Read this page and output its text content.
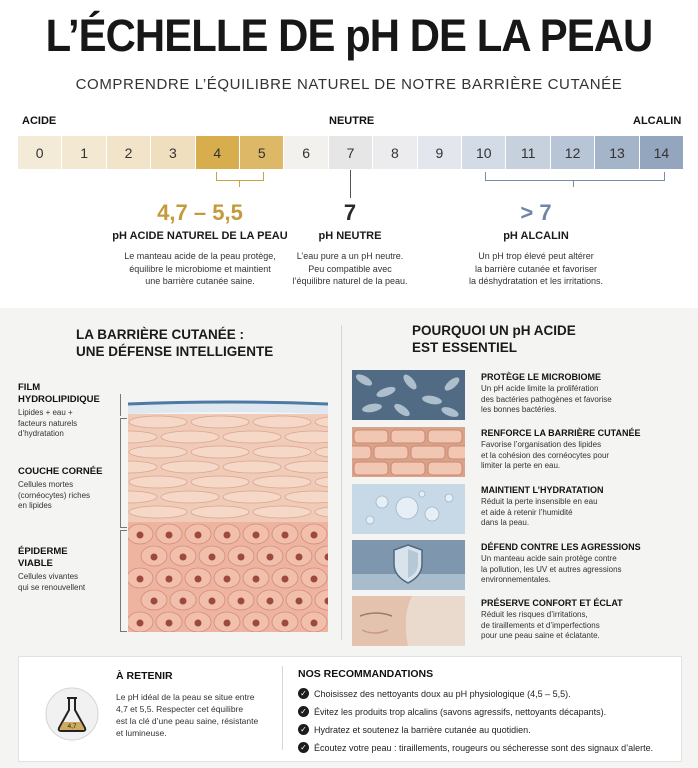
L’ÉCHELLE DE pH DE LA PEAU
COMPRENDRE L’ÉQUILIBRE NATUREL DE NOTRE BARRIÈRE CUTANÉE
ACIDE	NEUTRE	ALCALIN
0	1	2	3	4	5	6	7	8	9	10	11	12	13	14
4,7 – 5,5
pH ACIDE NATUREL DE LA PEAU
Le manteau acide de la peau protège,
équilibre le microbiome et maintient
une barrière cutanée saine.
7
pH NEUTRE
L’eau pure a un pH neutre.
Peu compatible avec
l’équilibre naturel de la peau.
> 7
pH ALCALIN
Un pH trop élevé peut altérer
la barrière cutanée et favoriser
la déshydratation et les irritations.
LA BARRIÈRE CUTANÉE :
UNE DÉFENSE INTELLIGENTE
FILM
HYDROLIPIDIQUE
Lipides + eau +
facteurs naturels
d’hydratation
COUCHE CORNÉE
Cellules mortes
(cornéocytes) riches
en lipides
ÉPIDERME
VIABLE
Cellules vivantes
qui se renouvellent
POURQUOI UN pH ACIDE
EST ESSENTIEL
PROTÈGE LE MICROBIOME
Un pH acide limite la prolifération
des bactéries pathogènes et favorise
les bonnes bactéries.
RENFORCE LA BARRIÈRE CUTANÉE
Favorise l’organisation des lipides
et la cohésion des cornéocytes pour
limiter la perte en eau.
MAINTIENT L’HYDRATATION
Réduit la perte insensible en eau
et aide à retenir l’humidité
dans la peau.
DÉFEND CONTRE LES AGRESSIONS
Un manteau acide sain protège contre
la pollution, les UV et autres agressions
environnementales.
PRÉSERVE CONFORT ET ÉCLAT
Réduit les risques d’irritations,
de tiraillements et d’imperfections
pour une peau saine et éclatante.
4,7
À RETENIR
Le pH idéal de la peau se situe entre
4,7 et 5,5. Respecter cet équilibre
est la clé d’une peau saine, résistante
et lumineuse.
NOS RECOMMANDATIONS
✓ Choisissez des nettoyants doux au pH physiologique (4,5 – 5,5).
✓ Évitez les produits trop alcalins (savons agressifs, nettoyants décapants).
✓ Hydratez et soutenez la barrière cutanée au quotidien.
✓ Écoutez votre peau : tiraillements, rougeurs ou sécheresse sont des signaux d’alerte.
